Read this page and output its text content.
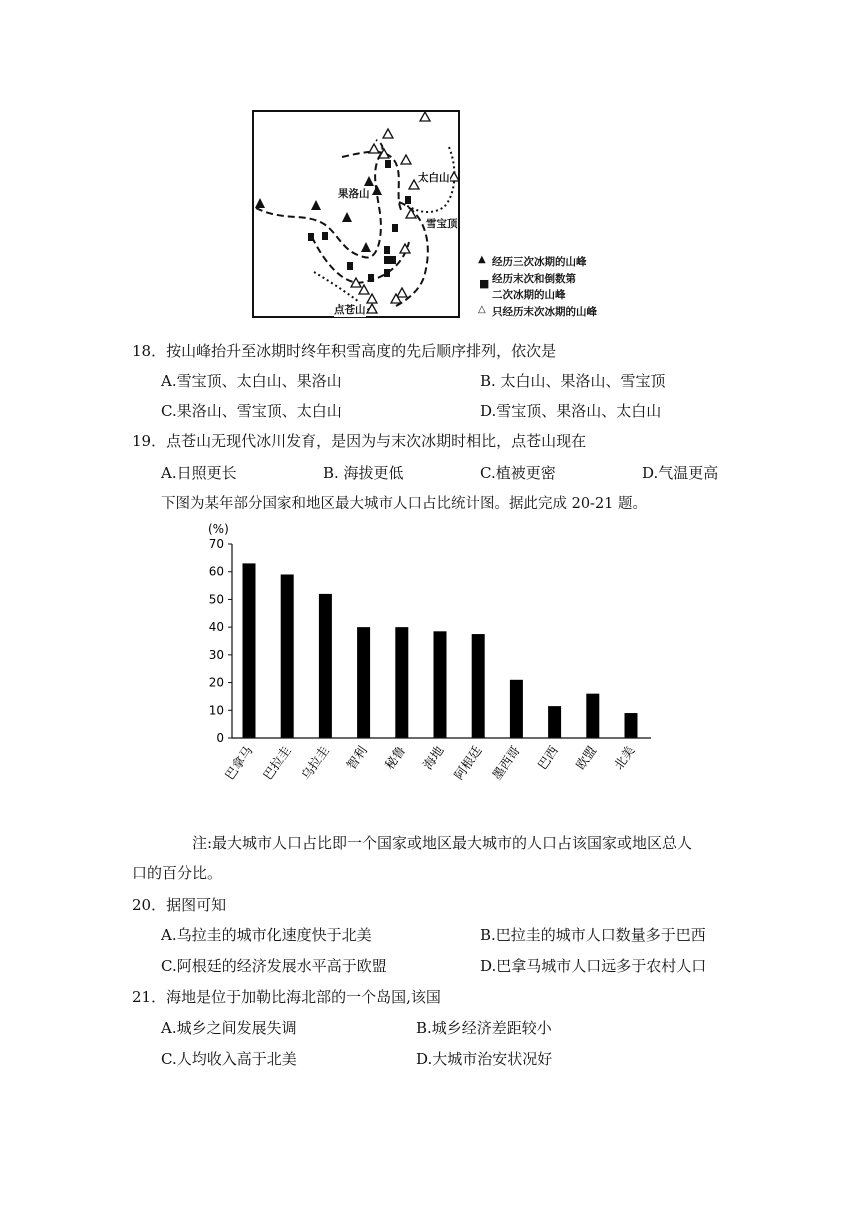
果洛山
太白山
雪宝顶
点苍山
▲ 经历三次冰期的山峰
■ 经历末次和倒数第
二次冰期的山峰
△ 只经历末次冰期的山峰
18．按山峰抬升至冰期时终年积雪高度的先后顺序排列，依次是
A.雪宝顶、太白山、果洛山	B. 太白山、果洛山、雪宝顶
C.果洛山、雪宝顶、太白山	D.雪宝顶、果洛山、太白山
19．点苍山无现代冰川发育，是因为与末次冰期时相比，点苍山现在
A.日照更长	B. 海拔更低	C.植被更密	D.气温更高
下图为某年部分国家和地区最大城市人口占比统计图。据此完成 20-21 题。
(%)
0
10
20
30
40
50
60
70
巴拿马 巴拉圭 乌拉圭 智利 秘鲁 海地 阿根廷 墨西哥 巴西 欧盟 北美
注:最大城市人口占比即一个国家或地区最大城市的人口占该国家或地区总人
口的百分比。
20．据图可知
A.乌拉圭的城市化速度快于北美	B.巴拉圭的城市人口数量多于巴西
C.阿根廷的经济发展水平高于欧盟	D.巴拿马城市人口远多于农村人口
21．海地是位于加勒比海北部的一个岛国,该国
A.城乡之间发展失调	B.城乡经济差距较小
C.人均收入高于北美	D.大城市治安状况好
